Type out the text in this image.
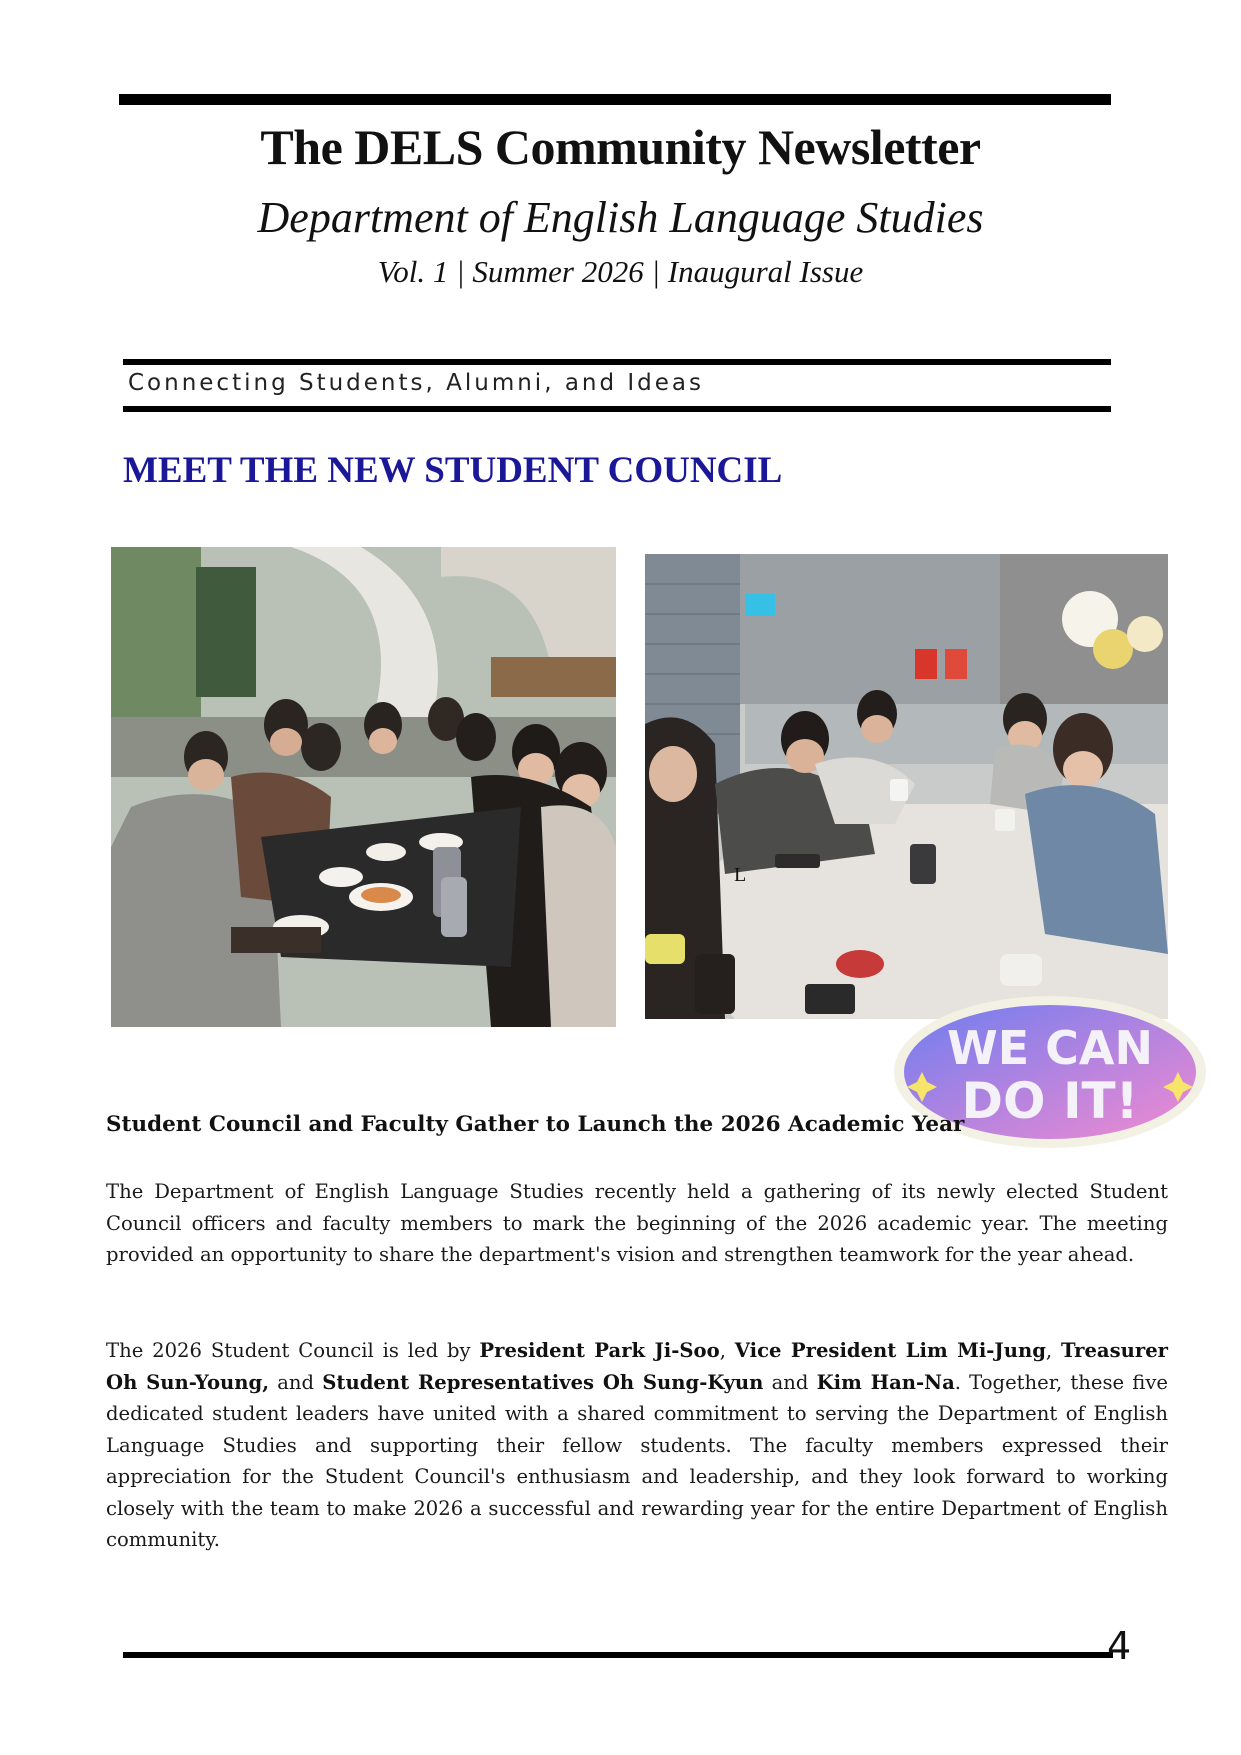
The DELS Community Newsletter
Department of English Language Studies
Vol. 1 | Summer 2026 | Inaugural Issue
Connecting Students, Alumni, and Ideas
MEET THE NEW STUDENT COUNCIL
L
WE CAN
DO IT!
Student Council and Faculty Gather to Launch the 2026 Academic Year
The Department of English Language Studies recently held a gathering of its newly elected Student Council officers and faculty members to mark the beginning of the 2026 academic year. The meeting provided an opportunity to share the department's vision and strengthen teamwork for the year ahead.
The 2026 Student Council is led by President Park Ji-Soo, Vice President Lim Mi-Jung, Treasurer Oh Sun-Young, and Student Representatives Oh Sung-Kyun and Kim Han-Na. Together, these five dedicated student leaders have united with a shared commitment to serving the Department of English Language Studies and supporting their fellow students. The faculty members expressed their appreciation for the Student Council's enthusiasm and leadership, and they look forward to working closely with the team to make 2026 a successful and rewarding year for the entire Department of English community.
4
